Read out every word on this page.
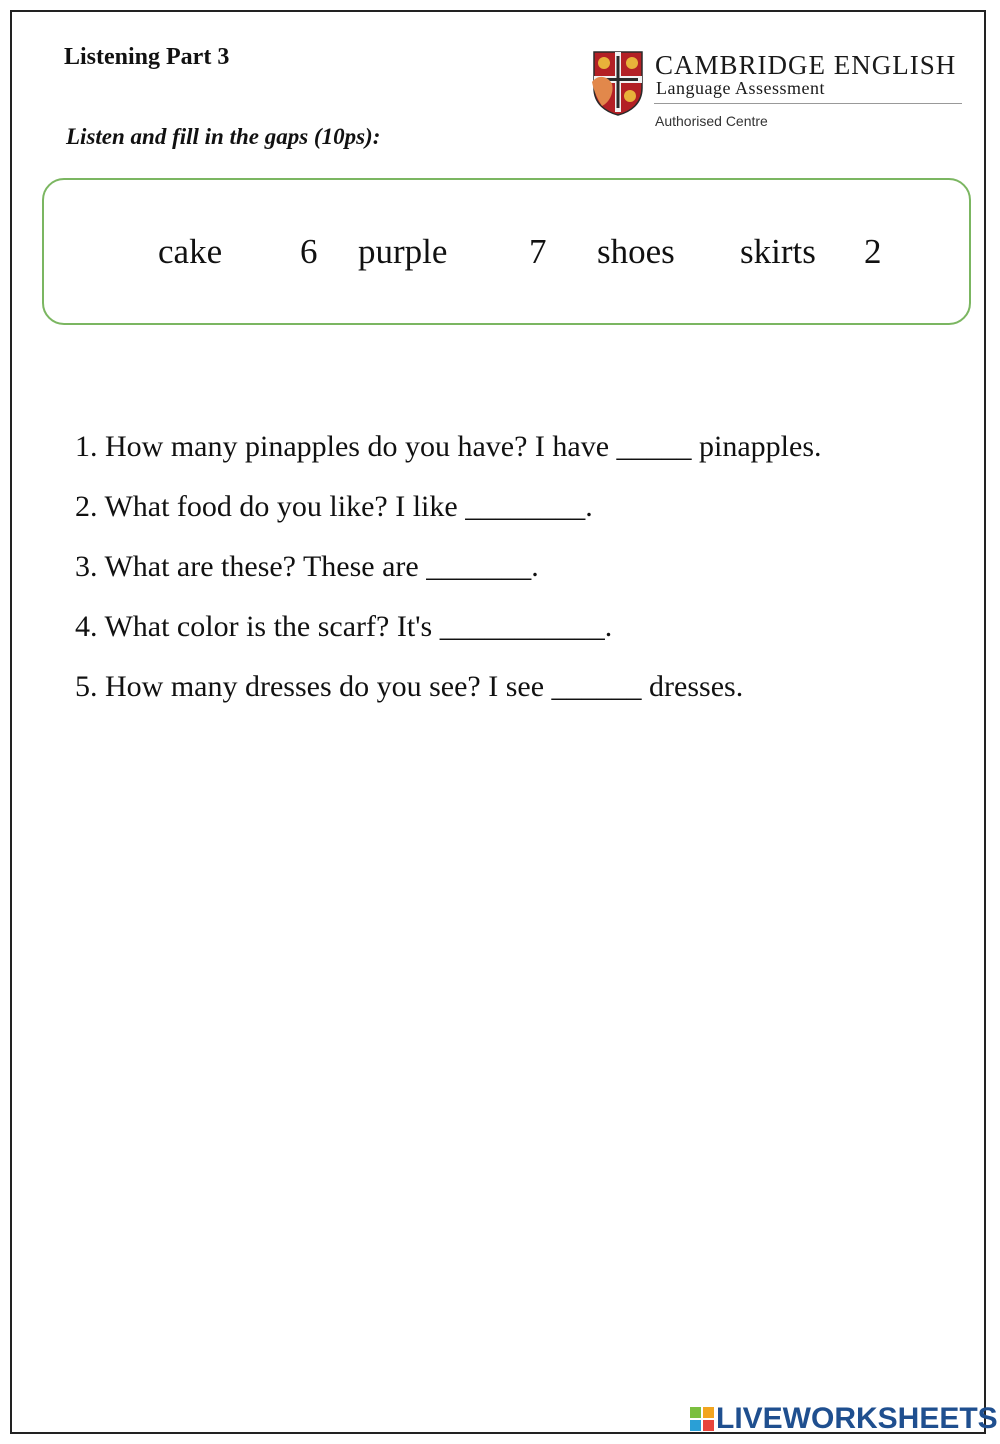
Listening Part 3
Listen and fill in the gaps (10ps):
CAMBRIDGE ENGLISH
Language Assessment
Authorised Centre
cake 6 purple 7 shoes skirts 2
1. How many pinapples do you have? I have _____ pinapples.
2. What food do you like? I like ________.
3. What are these? These are _______.
4. What color is the scarf? It's ___________.
5. How many dresses do you see? I see ______ dresses.
LIVEWORKSHEETS
